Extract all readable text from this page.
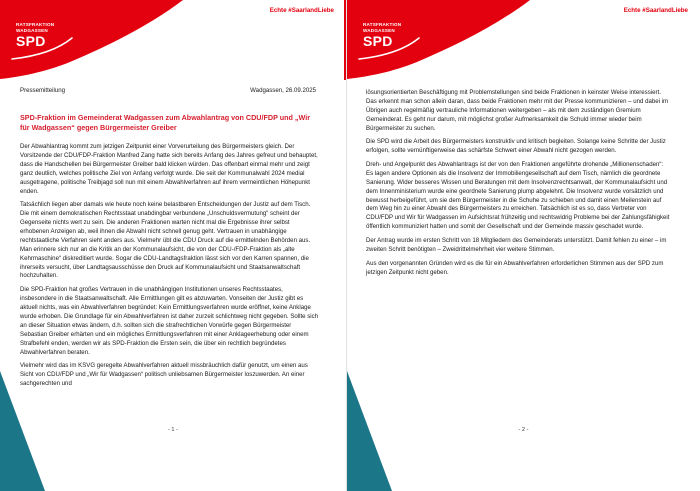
RATSFRAKTION
WADGASSEN
SPD
Echte #SaarlandLiebe
Pressemitteilung	Wadgassen, 26.09.2025
SPD-Fraktion im Gemeinderat Wadgassen zum Abwahlantrag von CDU/FDP und „Wir für Wadgassen“ gegen Bürgermeister Greiber

Der Abwahlantrag kommt zum jetzigen Zeitpunkt einer Vorverurteilung des Bürgermeisters gleich. Der Vorsitzende der CDU/FDP-Fraktion Manfred Zang hatte sich bereits Anfang des Jahres gefreut und behauptet, dass die Handschellen bei Bürgermeister Greiber bald klicken würden. Das offenbart einmal mehr und zeigt ganz deutlich, welches politische Ziel von Anfang verfolgt wurde. Die seit der Kommunalwahl 2024 medial ausgetragene, politische Treibjagd soll nun mit einem Abwahlverfahren auf ihrem vermeintlichen Höhepunkt enden.

Tatsächlich liegen aber damals wie heute noch keine belastbaren Entscheidungen der Justiz auf dem Tisch. Die mit einem demokratischen Rechtsstaat unabdingbar verbundene „Unschuldsvermutung“ scheint der Gegenseite nichts wert zu sein. Die anderen Fraktionen warten nicht mal die Ergebnisse ihrer selbst erhobenen Anzeigen ab, weil ihnen die Abwahl nicht schnell genug geht. Vertrauen in unabhängige rechtstaatliche Verfahren sieht anders aus. Vielmehr übt die CDU Druck auf die ermittelnden Behörden aus. Man erinnere sich nur an die Kritik an der Kommunalaufsicht, die von der CDU-/FDP-Fraktion als „alte Kehrmaschine“ diskreditiert wurde. Sogar die CDU-Landtagsfraktion lässt sich vor den Karren spannen, die ihrerseits versucht, über Landtagsausschüsse den Druck auf Kommunalaufsicht und Staatsanwaltschaft hochzuhalten.

Die SPD-Fraktion hat großes Vertrauen in die unabhängigen Institutionen unseres Rechtsstaates, insbesondere in die Staatsanwaltschaft. Alle Ermittlungen gilt es abzuwarten. Vonseiten der Justiz gibt es aktuell nichts, was ein Abwahlverfahren begründet: Kein Ermittlungsverfahren wurde eröffnet, keine Anklage wurde erhoben. Die Grundlage für ein Abwahlverfahren ist daher zurzeit schlichtweg nicht gegeben. Sollte sich an dieser Situation etwas ändern, d.h. sollten sich die strafrechtlichen Vorwürfe gegen Bürgermeister Sebastian Greiber erhärten und ein mögliches Ermittlungsverfahren mit einer Anklageerhebung oder einem Strafbefehl enden, werden wir als SPD-Fraktion die Ersten sein, die über ein rechtlich begründetes Abwahlverfahren beraten.

Vielmehr wird das im KSVG geregelte Abwahlverfahren aktuell missbräuchlich dafür genutzt, um einen aus Sicht von CDU/FDP und „Wir für Wadgassen“ politisch unliebsamen Bürgermeister loszuwerden. An einer sachgerechten und

- 1 -
RATSFRAKTION
WADGASSEN
SPD
Echte #SaarlandLiebe

lösungsorientierten Beschäftigung mit Problemstellungen sind beide Fraktionen in keinster Weise interessiert. Das erkennt man schon allein daran, dass beide Fraktionen mehr mit der Presse kommunizieren – und dabei im Übrigen auch regelmäßig vertrauliche Informationen weitergeben – als mit dem zuständigen Gremium Gemeinderat. Es geht nur darum, mit möglichst großer Aufmerksamkeit die Schuld immer wieder beim Bürgermeister zu suchen.

Die SPD wird die Arbeit des Bürgermeisters konstruktiv und kritisch begleiten. Solange keine Schritte der Justiz erfolgen, sollte vernünftigerweise das schärfste Schwert einer Abwahl nicht gezogen werden.

Dreh- und Angelpunkt des Abwahlantrags ist der von den Fraktionen angeführte drohende „Millionenschaden“: Es lagen andere Optionen als die Insolvenz der Immobiliengesellschaft auf dem Tisch, nämlich die geordnete Sanierung. Wider besseres Wissen und Beratungen mit dem Insolvenzrechtsanwalt, der Kommunalaufsicht und dem Innenministerium wurde eine geordnete Sanierung plump abgelehnt. Die Insolvenz wurde vorsätzlich und bewusst herbeigeführt, um sie dem Bürgermeister in die Schuhe zu schieben und damit einen Meilenstein auf dem Weg hin zu einer Abwahl des Bürgermeisters zu erreichen. Tatsächlich ist es so, dass Vertreter von CDU/FDP und Wir für Wadgassen im Aufsichtsrat frühzeitig und rechtswidrig Probleme bei der Zahlungsfähigkeit öffentlich kommuniziert hatten und somit der Gesellschaft und der Gemeinde massiv geschadet wurde.

Der Antrag wurde im ersten Schritt von 18 Mitgliedern des Gemeinderats unterstützt. Damit fehlen zu einer – im zweiten Schritt benötigten – Zweidrittelmehrheit vier weitere Stimmen.

Aus den vorgenannten Gründen wird es die für ein Abwahlverfahren erforderlichen Stimmen aus der SPD zum jetzigen Zeitpunkt nicht geben.

- 2 -
